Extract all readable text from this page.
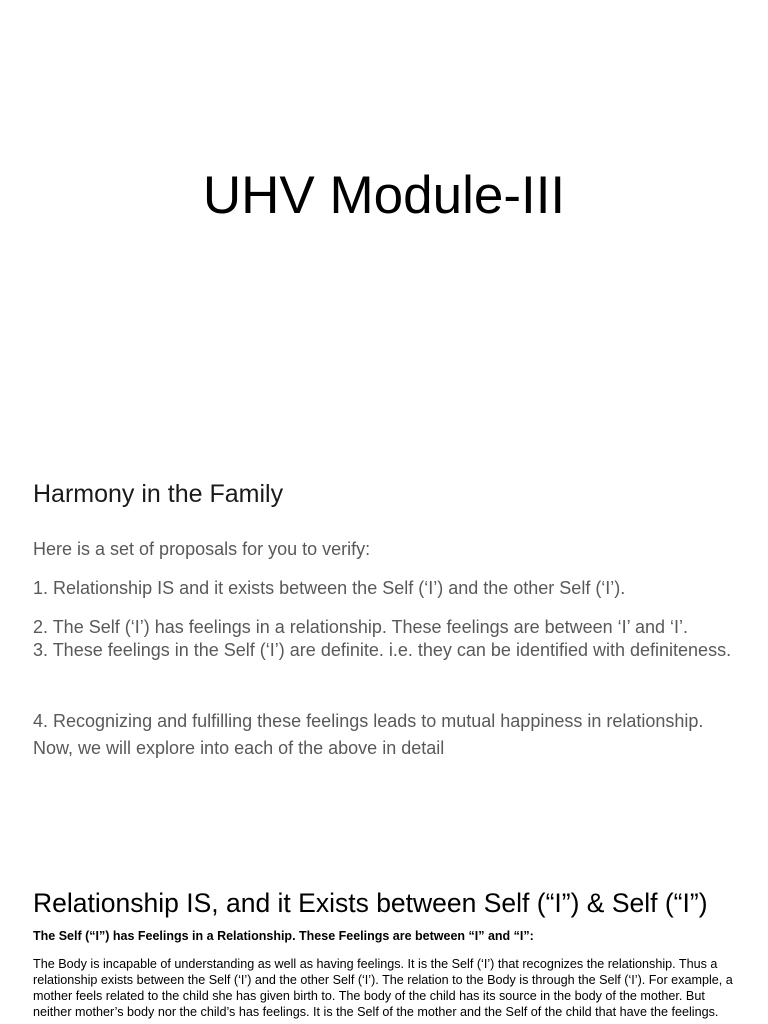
UHV Module-III
Harmony in the Family

Here is a set of proposals for you to verify:

1. Relationship IS and it exists between the Self (‘I’) and the other Self (‘I’).

2. The Self (‘I’) has feelings in a relationship. These feelings are between ‘I’ and ‘I’.

3. These feelings in the Self (‘I’) are definite. i.e. they can be identified with definiteness.

4. Recognizing and fulfilling these feelings leads to mutual happiness in relationship. Now, we will explore into each of the above in detail

Relationship IS, and it Exists between Self (“I”) & Self (“I”)

The Self (“I”) has Feelings in a Relationship. These Feelings are between “I” and “I”:

The Body is incapable of understanding as well as having feelings. It is the Self (‘I’) that recognizes the relationship. Thus a relationship exists between the Self (‘I’) and the other Self (‘I’). The relation to the Body is through the Self (‘I’). For example, a mother feels related to the child she has given birth to. The body of the child has its source in the body of the mother. But neither mother’s body nor the child’s has feelings. It is the Self of the mother and the Self of the child that have the feelings.
